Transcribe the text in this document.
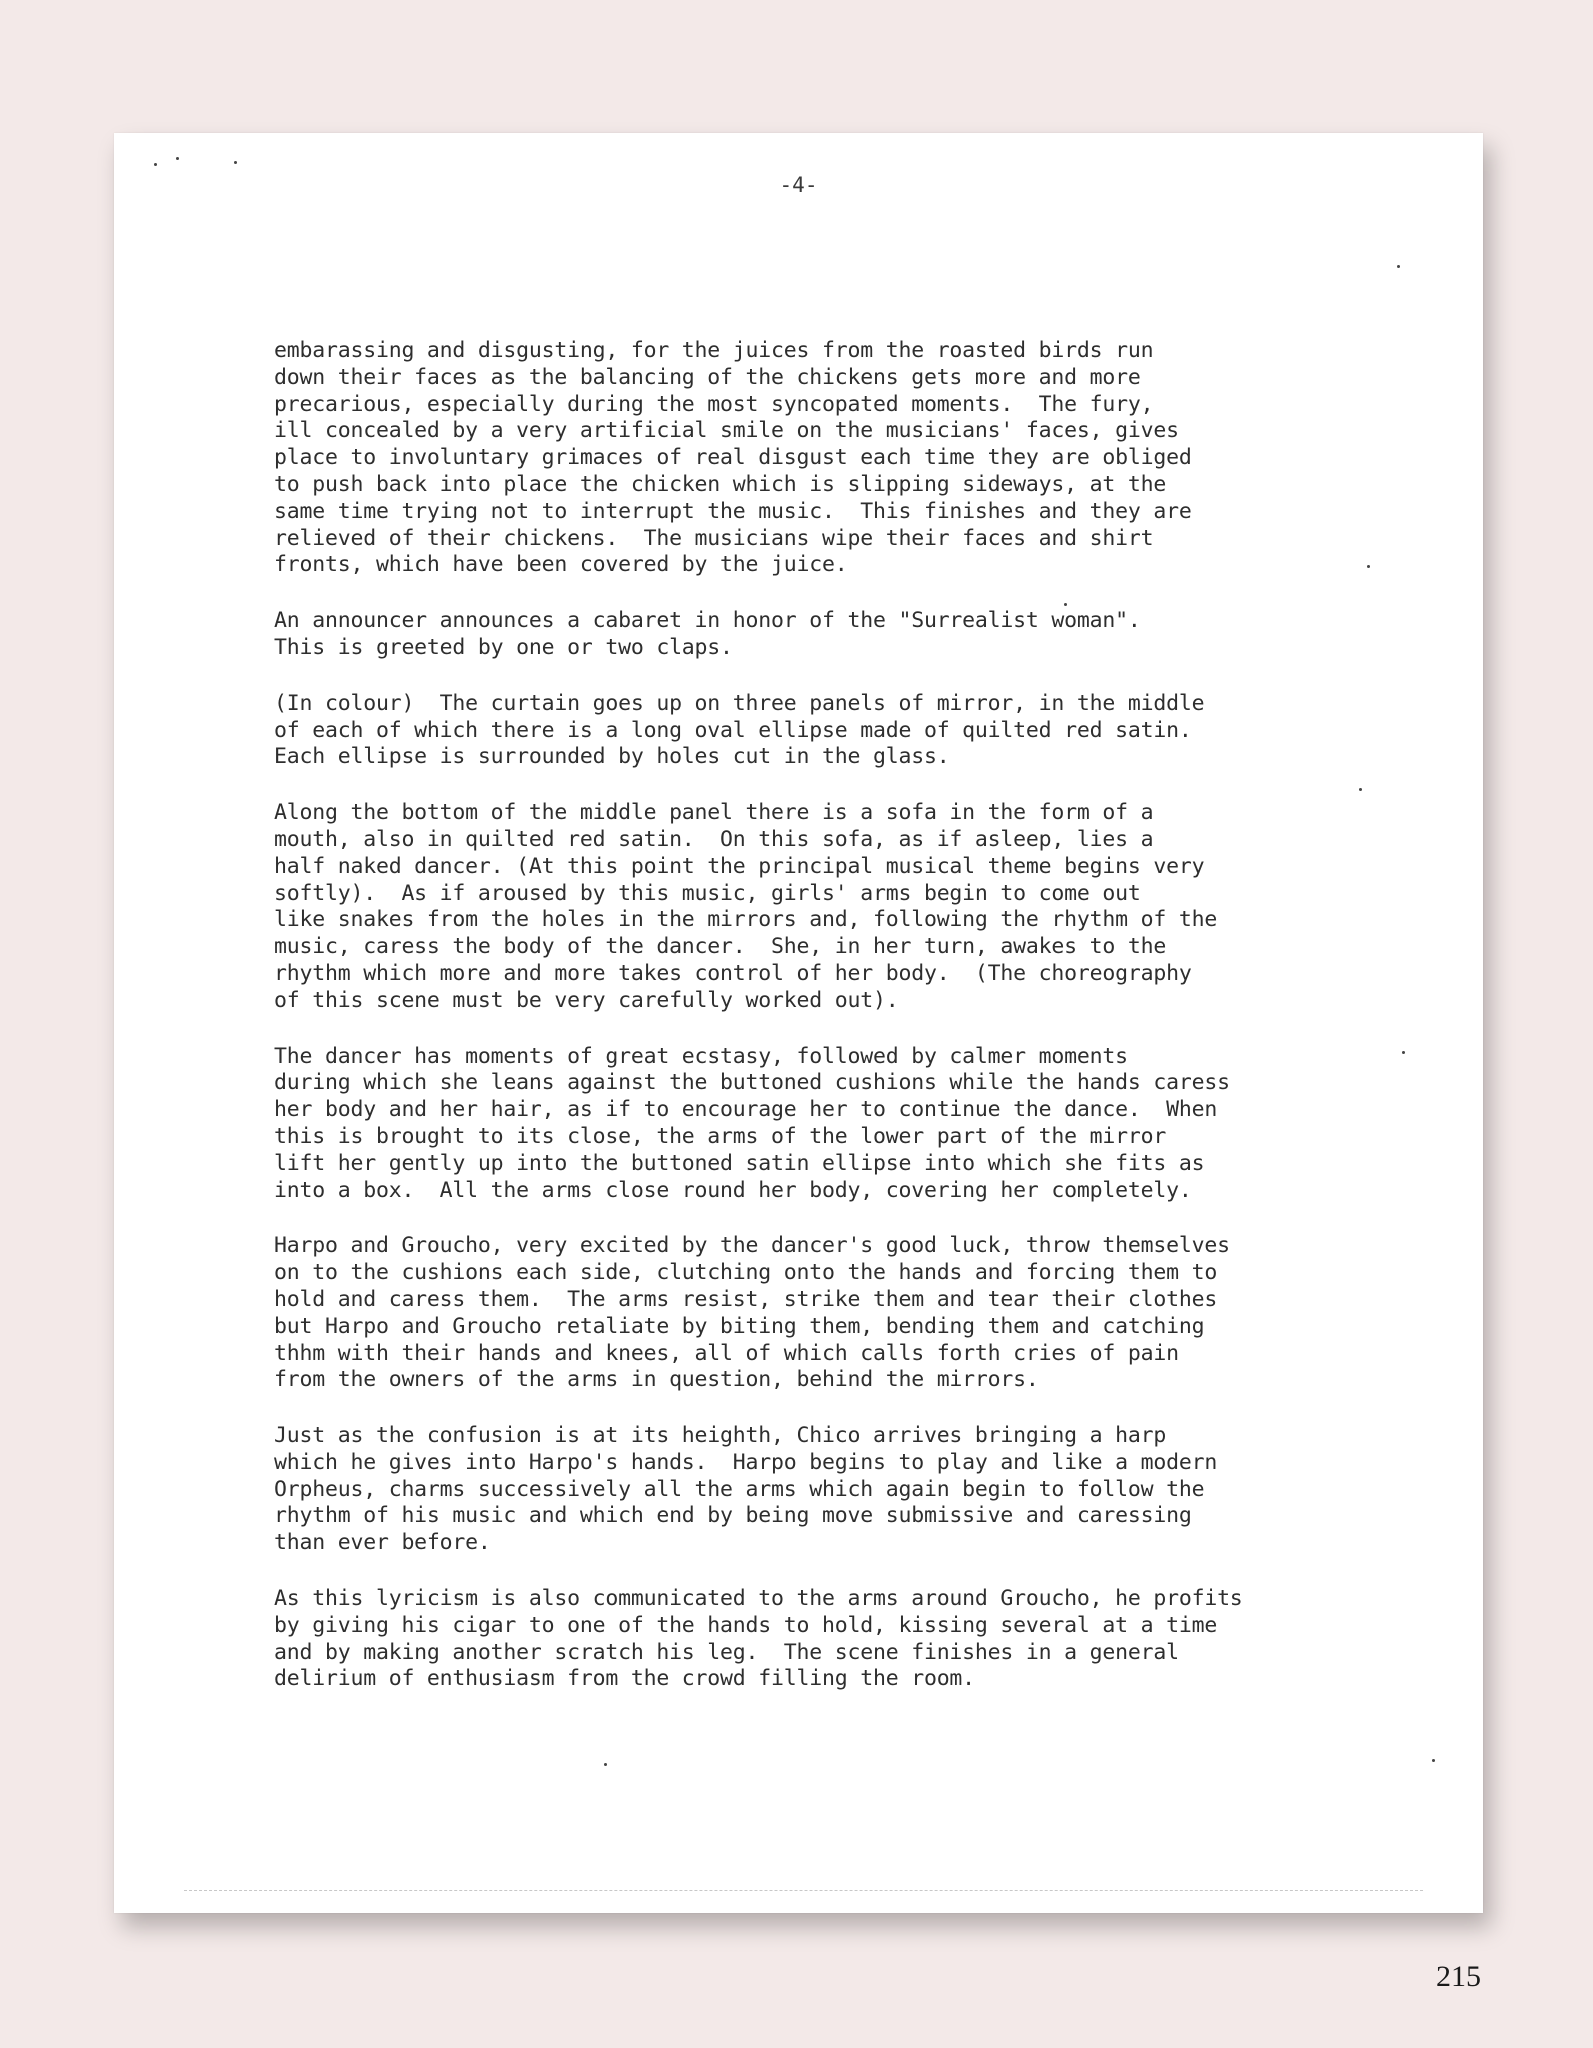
-4-
embarassing and disgusting, for the juices from the roasted birds run
down their faces as the balancing of the chickens gets more and more
precarious, especially during the most syncopated moments.  The fury,
ill concealed by a very artificial smile on the musicians' faces, gives
place to involuntary grimaces of real disgust each time they are obliged
to push back into place the chicken which is slipping sideways, at the
same time trying not to interrupt the music.  This finishes and they are
relieved of their chickens.  The musicians wipe their faces and shirt
fronts, which have been covered by the juice.
An announcer announces a cabaret in honor of the "Surrealist woman".
This is greeted by one or two claps.
(In colour)  The curtain goes up on three panels of mirror, in the middle
of each of which there is a long oval ellipse made of quilted red satin.
Each ellipse is surrounded by holes cut in the glass.
Along the bottom of the middle panel there is a sofa in the form of a
mouth, also in quilted red satin.  On this sofa, as if asleep, lies a
half naked dancer. (At this point the principal musical theme begins very
softly).  As if aroused by this music, girls' arms begin to come out
like snakes from the holes in the mirrors and, following the rhythm of the
music, caress the body of the dancer.  She, in her turn, awakes to the
rhythm which more and more takes control of her body.  (The choreography
of this scene must be very carefully worked out).
The dancer has moments of great ecstasy, followed by calmer moments
during which she leans against the buttoned cushions while the hands caress
her body and her hair, as if to encourage her to continue the dance.  When
this is brought to its close, the arms of the lower part of the mirror
lift her gently up into the buttoned satin ellipse into which she fits as
into a box.  All the arms close round her body, covering her completely.
Harpo and Groucho, very excited by the dancer's good luck, throw themselves
on to the cushions each side, clutching onto the hands and forcing them to
hold and caress them.  The arms resist, strike them and tear their clothes
but Harpo and Groucho retaliate by biting them, bending them and catching
thhm with their hands and knees, all of which calls forth cries of pain
from the owners of the arms in question, behind the mirrors.
Just as the confusion is at its heighth, Chico arrives bringing a harp
which he gives into Harpo's hands.  Harpo begins to play and like a modern
Orpheus, charms successively all the arms which again begin to follow the
rhythm of his music and which end by being move submissive and caressing
than ever before.
As this lyricism is also communicated to the arms around Groucho, he profits
by giving his cigar to one of the hands to hold, kissing several at a time
and by making another scratch his leg.  The scene finishes in a general
delirium of enthusiasm from the crowd filling the room.
215
